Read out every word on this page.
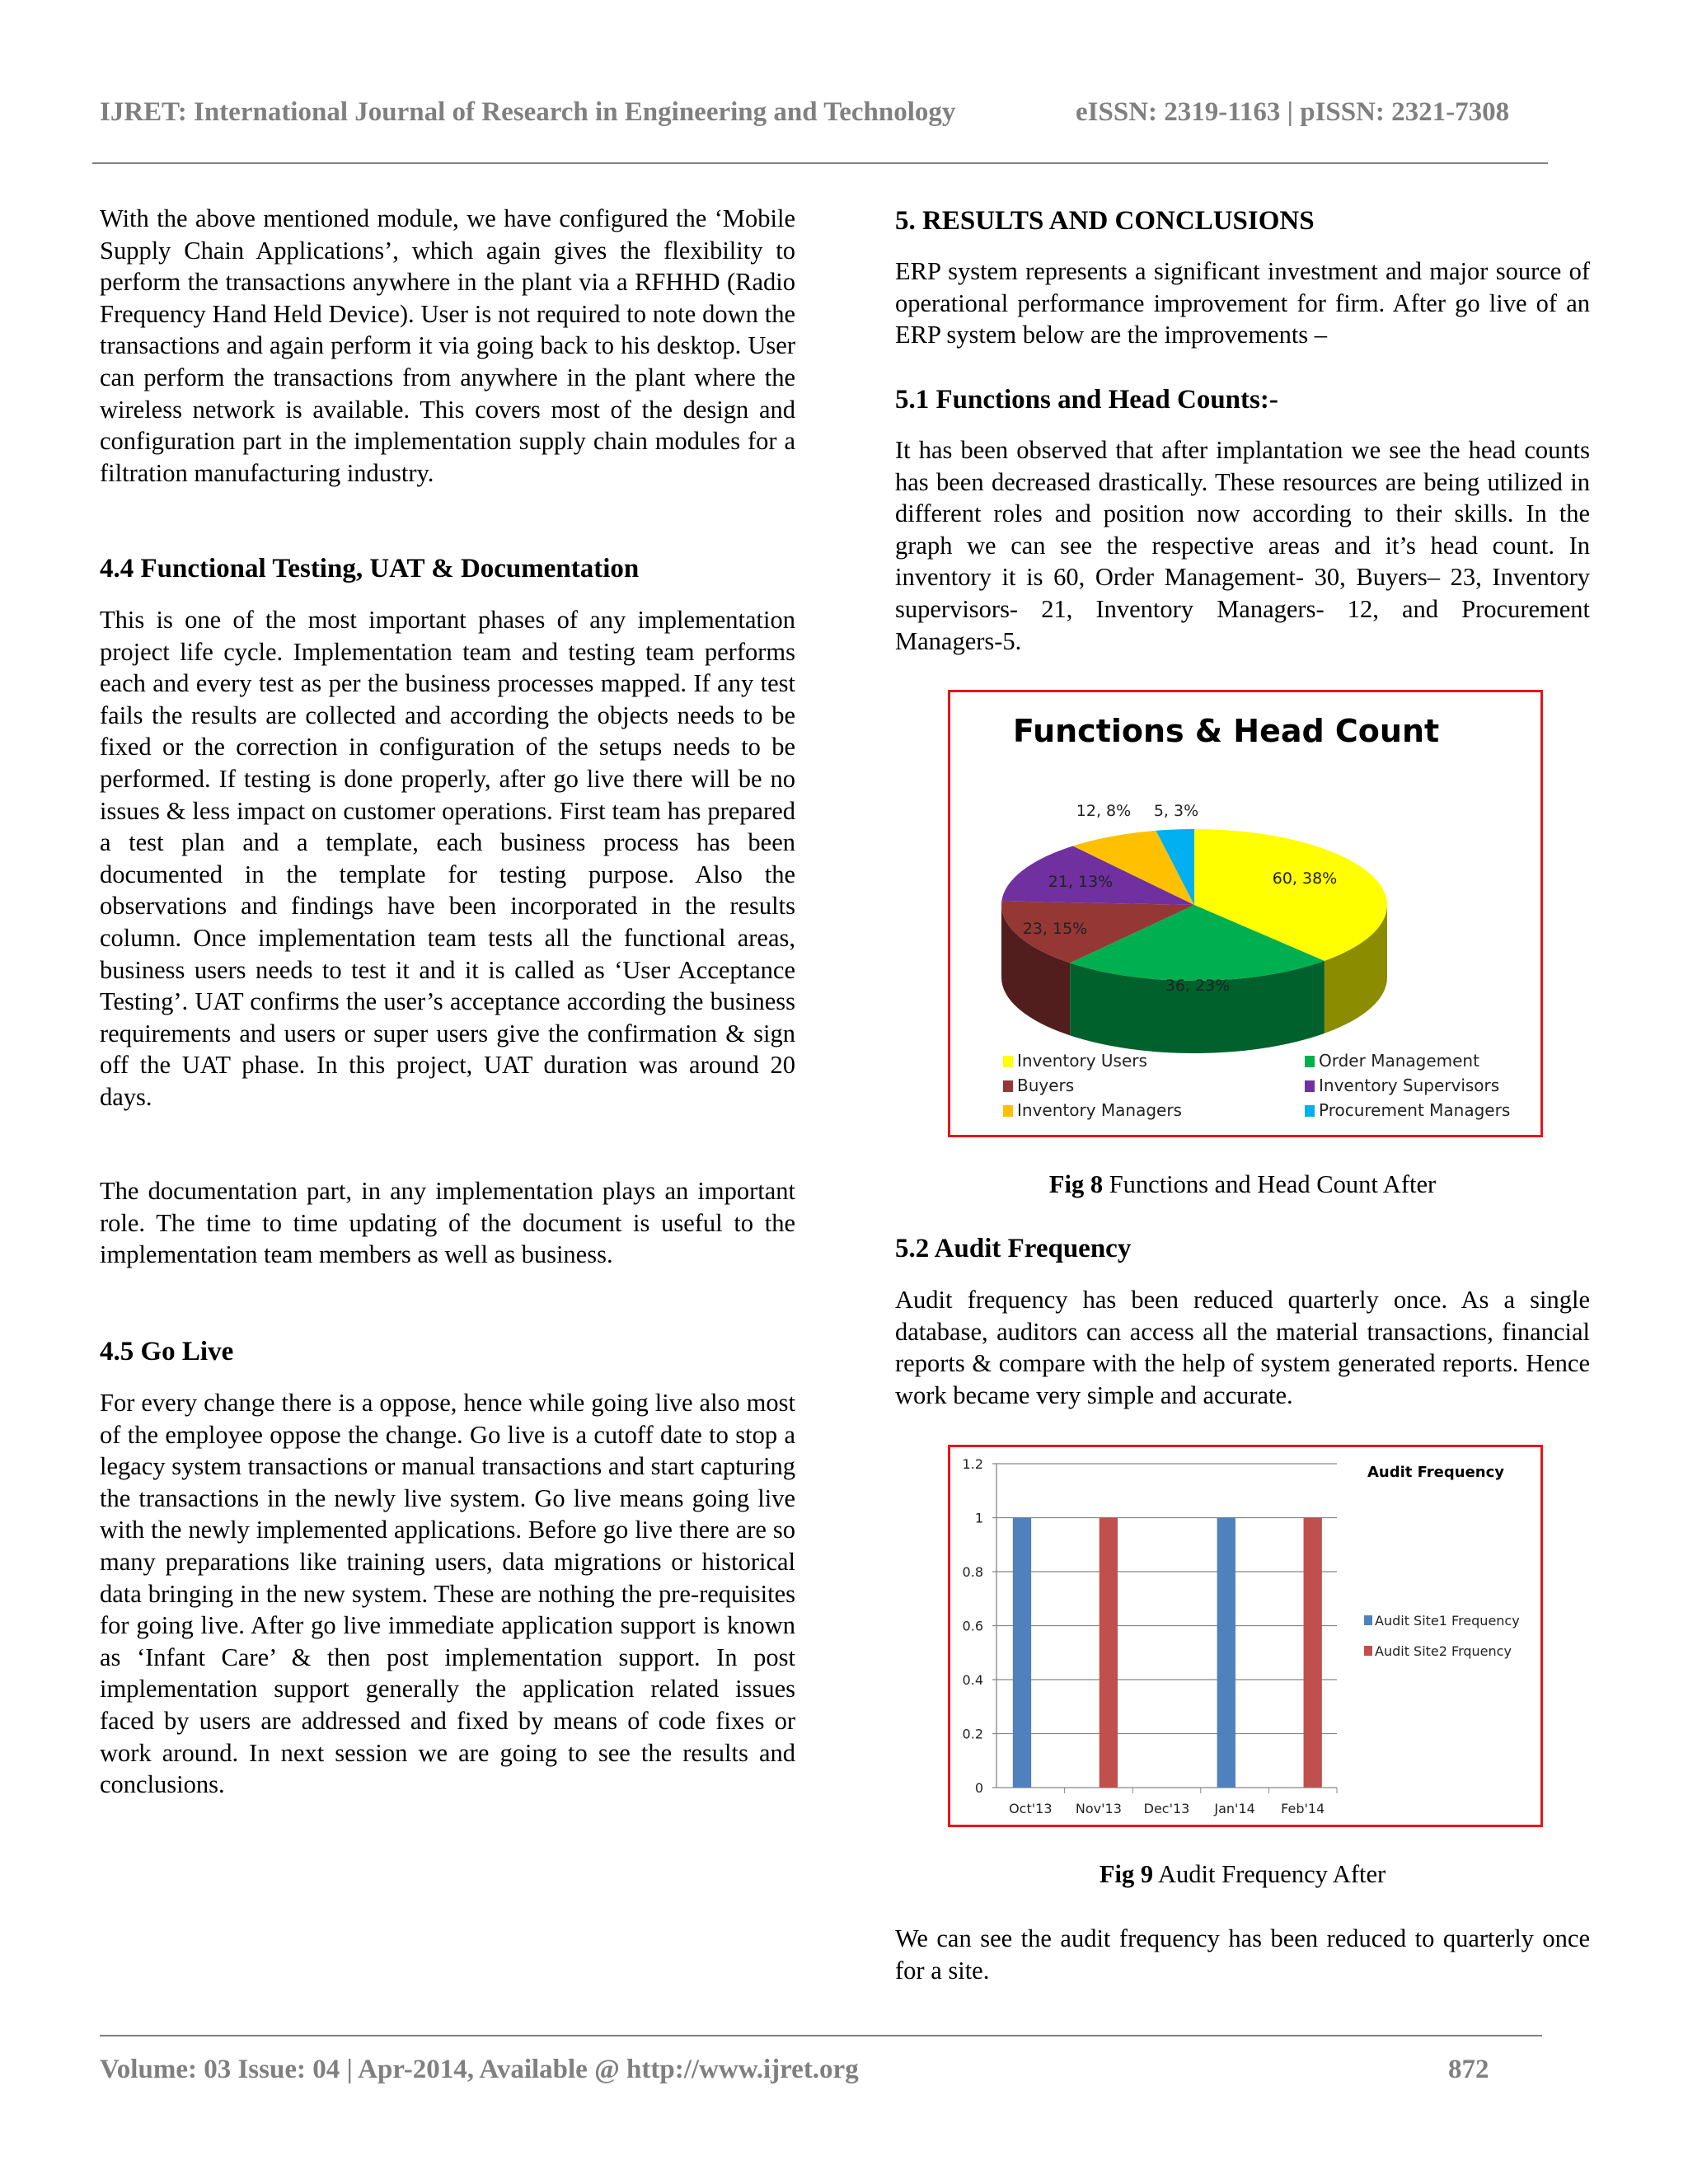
IJRET: International Journal of Research in Engineering and Technology	eISSN: 2319-1163 | pISSN: 2321-7308

With the above mentioned module, we have configured the ‘Mobile Supply Chain Applications’, which again gives the flexibility to perform the transactions anywhere in the plant via a RFHHD (Radio Frequency Hand Held Device). User is not required to note down the transactions and again perform it via going back to his desktop. User can perform the transactions from anywhere in the plant where the wireless network is available. This covers most of the design and configuration part in the implementation supply chain modules for a filtration manufacturing industry.

4.4 Functional Testing, UAT & Documentation

This is one of the most important phases of any implementation project life cycle. Implementation team and testing team performs each and every test as per the business processes mapped. If any test fails the results are collected and according the objects needs to be fixed or the correction in configuration of the setups needs to be performed. If testing is done properly, after go live there will be no issues & less impact on customer operations. First team has prepared a test plan and a template, each business process has been documented in the template for testing purpose. Also the observations and findings have been incorporated in the results column. Once implementation team tests all the functional areas, business users needs to test it and it is called as ‘User Acceptance Testing’. UAT confirms the user’s acceptance according the business requirements and users or super users give the confirmation & sign off the UAT phase. In this project, UAT duration was around 20 days.

The documentation part, in any implementation plays an important role. The time to time updating of the document is useful to the implementation team members as well as business.

4.5 Go Live

For every change there is a oppose, hence while going live also most of the employee oppose the change. Go live is a cutoff date to stop a legacy system transactions or manual transactions and start capturing the transactions in the newly live system. Go live means going live with the newly implemented applications. Before go live there are so many preparations like training users, data migrations or historical data bringing in the new system. These are nothing the pre-requisites for going live. After go live immediate application support is known as ‘Infant Care’ & then post implementation support. In post implementation support generally the application related issues faced by users are addressed and fixed by means of code fixes or work around. In next session we are going to see the results and conclusions.

5. RESULTS AND CONCLUSIONS

ERP system represents a significant investment and major source of operational performance improvement for firm. After go live of an ERP system below are the improvements –

5.1 Functions and Head Counts:-

It has been observed that after implantation we see the head counts has been decreased drastically. These resources are being utilized in different roles and position now according to their skills. In the graph we can see the respective areas and it’s head count. In inventory it is 60, Order Management- 30, Buyers– 23, Inventory supervisors- 21, Inventory Managers- 12, and Procurement Managers-5.

Functions & Head Count
60, 38%
36, 23%
23, 15%
21, 13%
12, 8% 5, 3%
Inventory Users	Order Management
Buyers	Inventory Supervisors
Inventory Managers	Procurement Managers
Fig 8 Functions and Head Count After
5.2 Audit Frequency

Audit frequency has been reduced quarterly once. As a single database, auditors can access all the material transactions, financial reports & compare with the help of system generated reports. Hence work became very simple and accurate.

0
0.2
0.4
0.6
0.8
1
1.2
Oct'13 Nov'13 Dec'13 Jan'14 Feb'14
Audit Frequency
Audit Site1 Frequency
Audit Site2 Frquency
Fig 9 Audit Frequency After

We can see the audit frequency has been reduced to quarterly once for a site.

Volume: 03 Issue: 04 | Apr-2014, Available @ http://www.ijret.org	872
